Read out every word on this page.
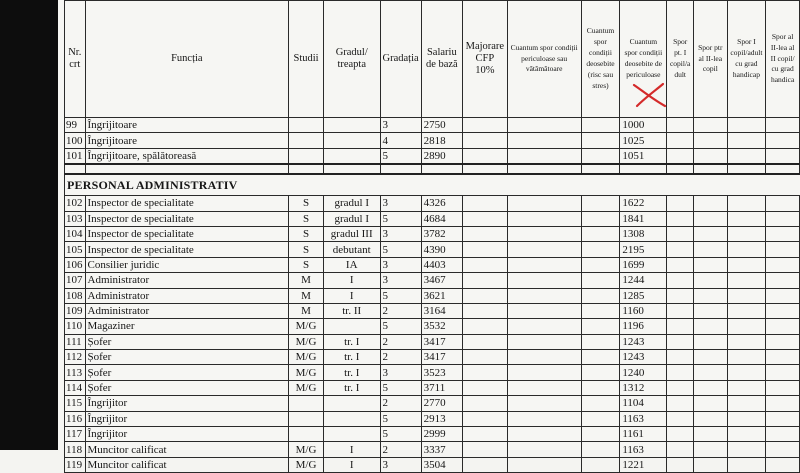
Nr. crt	Funcția	Studii	Gradul/ treapta	Gradația	Salariu de bază	Majorare CFP 10%	Cuantum spor condiții periculoase sau vătămătoare	Cuantum spor condiții deosebite (risc sau stres)	Cuantum spor condiții deosebite de periculoase	Spor pt. I copil/a dult	Spor ptr al II-lea copil	Spor I copil/adult cu grad handicap	Spor al II-lea al II copil/ cu grad handica
99	Îngrijitoare			3	2750				1000				
100	Îngrijitoare			4	2818				1025				
101	Îngrijitoare, spălătoreasă			5	2890				1051				

PERSONAL ADMINISTRATIV													
102	Inspector de specialitate	S	gradul I	3	4326				1622				
103	Inspector de specialitate	S	gradul I	5	4684				1841				
104	Inspector de specialitate	S	gradul III	3	3782				1308				
105	Inspector de specialitate	S	debutant	5	4390				2195				
106	Consilier juridic	S	IA	3	4403				1699				
107	Administrator	M	I	3	3467				1244				
108	Administrator	M	I	5	3621				1285				
109	Administrator	M	tr. II	2	3164				1160				
110	Magaziner	M/G		5	3532				1196				
111	Șofer	M/G	tr. I	2	3417				1243				
112	Șofer	M/G	tr. I	2	3417				1243				
113	Șofer	M/G	tr. I	3	3523				1240				
114	Șofer	M/G	tr. I	5	3711				1312				
115	Îngrijitor			2	2770				1104				
116	Îngrijitor			5	2913				1163				
117	Îngrijitor			5	2999				1161				
118	Muncitor calificat	M/G	I	2	3337				1163				
119	Muncitor calificat	M/G	I	3	3504				1221				
